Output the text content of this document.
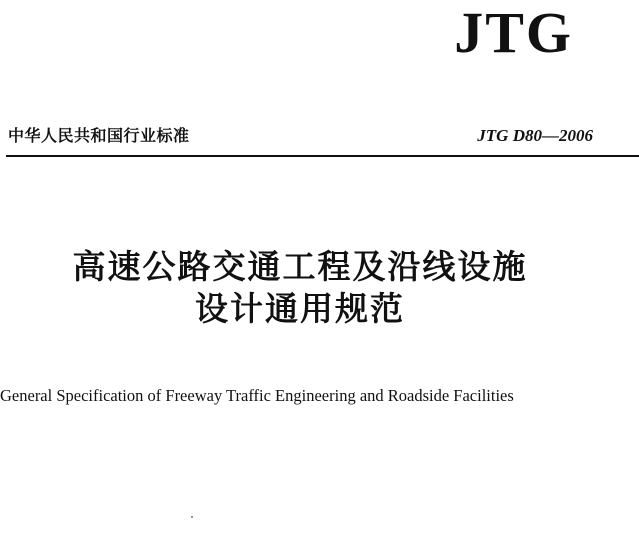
JTG
中华人民共和国行业标准	JTG D80—2006
高速公路交通工程及沿线设施
设计通用规范
General Specification of Freeway Traffic Engineering and Roadside Facilities
